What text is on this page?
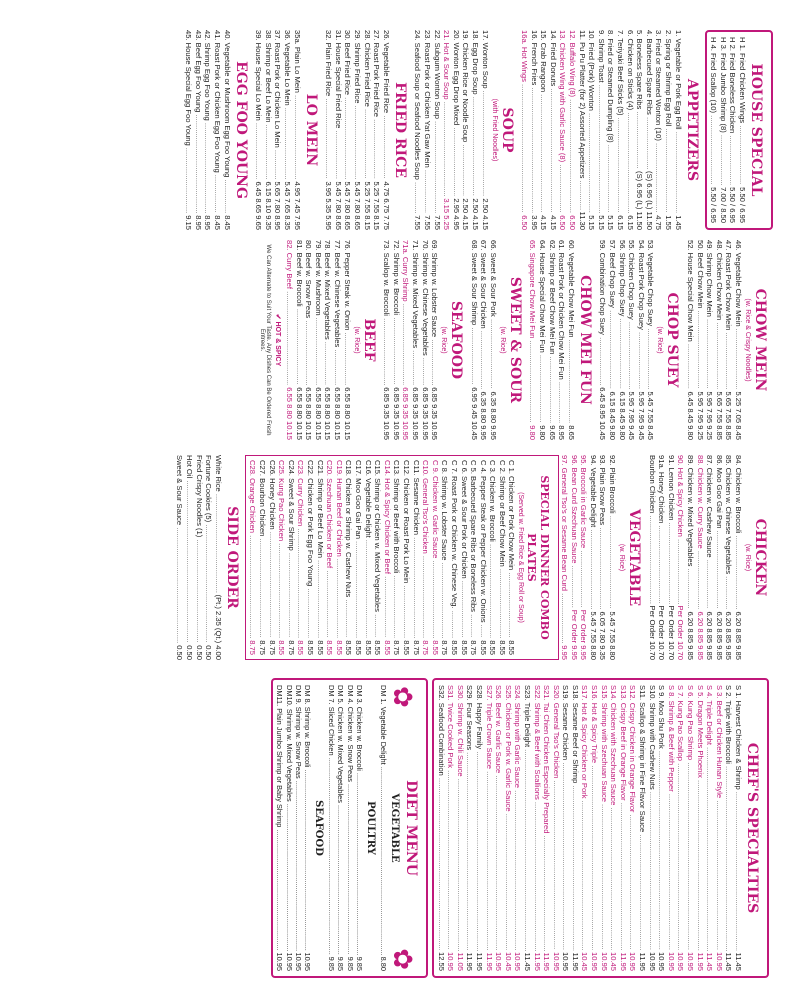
HOUSE SPECIAL
H 1. Fried Chicken Wings .....
5.50 / 6.95
H 2. Fried Boneless Chicken .....
5.50 / 6.95
H 3. Fried Jumbo Shrimp (8) .....
7.00 / 8.50
H 4. Fried Scallop (10) .....
5.50 / 6.95
APPETIZERS
1. Vegetable or Pork Egg Roll .....
1.45
2. Spring or Shrimp Egg Roll .....
1.55
3. Fried or Steamed Wonton (10) .....
4.75
4. Barbecued Spare Ribs .....
(S) 6.95 (L) 11.50
5. Boneless Spare Ribs .....
(S) 6.95 (L) 11.50
6. Chicken on Sticks (4) .....
6.15
7. Teriyaki Beef Sticks (5) .....
6.15
8. Fried or Steamed Dumpling (8) .....
5.15
9. Shrimp Toast .....
5.15
10. Fried (Pork) Wonton .....
5.15
11. Pu Pu Platter (for 2) Assorted Appetizers .....
11.30
12. Buffalo Wing (8) .....
6.50
13. Chicken Wing with Garlic Sauce (8) .....
6.50
14. Fried Donuts .....
4.15
15. Crab Rangoon .....
4.15
16. French Fries .....
3.95
16a. Hot Wings .....
6.50
SOUP
(with Fried Noodles)
17. Wonton Soup .....
2.50 4.15
18. Egg Drop Soup .....
2.50 4.15
19. Chicken Rice or Noodle Soup .....
2.50 4.15
20. Wonton Egg Drop Mixed .....
2.95 4.95
21. Hot & Sour Soup .....
3.15 5.25
22. Subgum Wonton Soup .....
7.55
23. Roast Pork or Chicken Yat Gaw Mein .....
7.55
24. Seafood Soup or Seafood Noodles Soup .....
7.55
FRIED RICE
26. Vegetable Fried Rice .....
4.75 6.75 7.75
27. Roast Pork Fried Rice .....
5.25 7.55 8.15
28. Chicken Fried Rice .....
5.25 7.55 8.15
29. Shrimp Fried Rice .....
5.45 7.80 8.65
30. Beef Fried Rice .....
5.45 7.80 8.65
31. House Special Fried Rice .....
5.45 7.80 8.65
32. Plain Fried Rice .....
3.95 5.35 5.95
LO MEIN
35a. Plain Lo Mein .....
4.95 7.45 7.95
36. Vegetable Lo Mein .....
5.45 7.65 8.35
37. Roast Pork or Chicken Lo Mein .....
5.65 7.80 8.95
38. Shrimp or Beef Lo Mein .....
6.15 8.10 9.35
39. House Special Lo Mein .....
6.45 8.65 9.65
EGG FOO YOUNG
40. Vegetable or Mushroom Egg Foo Young .....
8.45
41. Roast Pork or Chicken Egg Foo Young .....
8.45
42. Shrimp Egg Foo Young .....
8.95
43. Beef Egg Foo Young .....
8.95
45. House Special Egg Foo Young .....
9.15
CHOW MEIN
(w. Rice & Crispy Noodles)
46. Vegetable Chow Mein .....
5.25 7.05 8.45
47. Roast Pork Chow Mein .....
5.65 7.55 8.85
48. Chicken Chow Mein .....
5.65 7.55 8.85
49. Shrimp Chow Mein .....
5.95 7.95 9.25
50. Beef Chow Mein .....
5.95 7.95 9.25
52. House Special Chow Mein .....
6.45 8.45 9.80
CHOP SUEY
(w. Rice)
53. Vegetable Chop Suey .....
5.45 7.55 8.45
54. Roast Pork Chop Suey .....
5.95 7.95 9.45
55. Chicken Chop Suey .....
5.95 7.95 9.45
56. Shrimp Chop Suey .....
6.15 8.45 9.80
57. Beef Chop Suey .....
6.15 8.45 9.80
59. Combination Chop Suey .....
6.45 8.95 10.45
CHOW MEI FUN
60. Vegetable Chow Mei Fun .....
8.65
61. Roast Pork or Chicken Chow Mei Fun .....
8.95
62. Shrimp or Beef Chow Mei Fun .....
9.65
64. House Special Chow Mei Fun .....
9.80
65. Singapore Chow Mei Fun .....
9.80
SWEET & SOUR
(w. Rice)
66. Sweet & Sour Pork .....
6.35 8.80 9.95
67. Sweet & Sour Chicken .....
6.35 8.80 9.95
68. Sweet & Sour Shrimp .....
6.95 9.45 10.45
SEAFOOD
(w. Rice)
69. Shrimp w. Lobster Sauce .....
6.85 9.35 10.95
70. Shrimp w. Chinese Vegetables .....
6.85 9.35 10.95
71. Shrimp w. Mixed Vegetables .....
6.85 9.35 10.95
71a. Curry Shrimp .....
6.85 9.35 10.95
72. Shrimp w. Broccoli .....
6.85 9.35 10.95
73. Scallop w. Broccoli .....
6.85 9.35 10.95
BEEF
(w. Rice)
76. Pepper Steak w. Onion .....
6.55 8.80 10.15
77. Beef w. Chinese Vegetables .....
6.55 8.80 10.15
78. Beef w. Mixed Vegetables .....
6.55 8.80 10.15
79. Beef w. Mushroom .....
6.55 8.80 10.15
80. Beef w. Snow Peas .....
6.55 8.80 10.15
81. Beef w. Broccoli .....
6.55 8.80 10.15
82. Curry Beef .....
6.55 8.80 10.15
✔ HOT & SPICY
We Can Alternate to Suit Your Taste. Any Dishes Can Be Ordered Fresh Entrees.
CHICKEN
(w. Rice)
84. Chicken w. Broccoli .....
6.20 8.85 9.85
85. Chicken w. Chinese Vegetables .....
6.20 8.85 9.85
86. Moo Goo Gai Pan .....
6.20 8.85 9.85
87. Chicken w. Cashew Sauce .....
6.20 8.85 9.85
88. Chicken w. Curry Sauce .....
6.20 8.85 9.85
89. Chicken w. Mixed Vegetables .....
6.20 8.85 9.85
90. Hot & Spicy Chicken .....
Per Order 10.70
91. Lemon Chicken .....
Per Order 10.70
91a. Honey Chicken .....
Per Order 10.70
Bourbon Chicken .....
Per Order 10.70
VEGETABLE
(w. Rice)
92. Plain Broccoli .....
5.45 7.55 8.80
93. Plain Snow Peas .....
6.05 7.80 9.35
94. Vegetable Delight .....
5.45 7.55 8.80
95. Broccoli in Garlic Sauce .....
Per Order 9.95
96. Bean Curd Szechuan Sauce .....
Per Order 9.95
97. General Tso's or Sesame Bean Curd .....
9.95
SPECIAL DINNER COMBO PLATES
(Served w. Fried Rice & Egg Roll or Soup)
C 1. Chicken or Pork Chow Mein .....
8.55
C 2. Shrimp or Beef Chow Mein .....
8.55
C 3. Chicken w. Broccoli .....
8.55
C 4. Pepper Steak or Pepper Chicken w. Onions .....
8.55
C 5. Barbecued Spare Ribs or Boneless Ribs .....
8.75
C 6. Sweet & Sour Pork or Chicken .....
8.55
C 7. Roast Pork or Chicken w. Chinese Veg. .....
8.55
C 8. Shrimp w. Lobster Sauce .....
8.75
C 9. Chicken w. Garlic Sauce .....
8.55
C10. General Tso's Chicken .....
8.75
C11. Sesame Chicken .....
8.75
C12. Chicken or Roast Pork Lo Mein .....
8.55
C13. Shrimp or Beef with Broccoli .....
8.75
C14. Hot & Spicy Chicken or Beef .....
8.55
C15. Shrimp or Chicken w. Mixed Vegetables .....
8.55
C16. Vegetable Delight .....
8.55
C17. Moo Goo Gai Pan .....
8.55
C18. Chicken or Shrimp w. Cashew Nuts .....
8.55
C19. Hunan Beef or Chicken .....
8.55
C20. Szechuan Chicken or Beef .....
8.55
C21. Shrimp or Beef Lo Mein .....
8.55
C22. Chicken or Pork Egg Foo Young .....
8.55
C23. Curry Chicken .....
8.55
C24. Sweet & Sour Shrimp .....
8.75
C25. Kung Pao Chicken .....
8.55
C26. Honey Chicken .....
8.75
C27. Bourbon Chicken .....
8.75
C28. Orange Chicken .....
8.75
SIDE ORDER
White Rice .....
(Pt.) 2.35 (Qt.) 4.00
Fortune Cookies (5) .....
0.50
Fried Crispy Noodles (1) .....
0.50
Hot Oil .....
0.50
Sweet & Sour Sauce .....
0.50
CHEF'S SPECIALTIES
S 1. Harvest Chicken & Shrimp .....
11.45
S 2. Triple with Broccoli .....
11.45
S 3. Beef or Chicken Hunan Style .....
10.95
S 4. Triple Delight .....
11.45
S 5. Dragon Meets Phoenix .....
11.95
S 6. Kung Pao Shrimp .....
10.95
S 7. Kung Pao Scallop .....
10.95
S 8. Shrimp & Beef with Pepper .....
10.95
S 9. Moo Shu Pork .....
10.95
S10. Shrimp with Cashew Nuts .....
10.95
S11. Scallop & Shrimp in Fine Flavor Sauce .....
11.95
S12. Crispy Chicken in Orange Flavor .....
10.95
S13. Crispy Beef in Orange Flavor .....
11.95
S14. Chicken with Szechuan Sauce .....
10.45
S15. Shrimp with Szechuan Sauce .....
10.95
S16. Hot & Spicy Triple .....
10.95
S17. Hot & Spicy Chicken or Pork .....
10.45
S18. Sesame Beef or Shrimp .....
11.95
S19. Sesame Chicken .....
10.95
S20. General Tso's Chicken .....
10.95
S21. Tai Chien Chicken Especially Prepared .....
11.95
S22. Shrimp & Beef with Scallions .....
11.95
S23. Triple Delight .....
11.45
S24. Shrimp with Garlic Sauce .....
10.95
S25. Chicken or Pork w. Garlic Sauce .....
10.45
S26. Beef w. Garlic Sauce .....
10.95
S27. Triple Crown Sauce .....
11.95
S28. Happy Family .....
11.95
S29. Four Seasons .....
11.95
S30. Shrimp w. Chili Sauce .....
11.05
S31. Twice Cooked Pork .....
10.95
S32. Seafood Combination .....
12.55
✿
✿
DIET MENU
VEGETABLE
DM 1. Vegetable Delight .....
8.80
POULTRY
DM 3. Chicken w. Broccoli .....
9.85
DM 4. Chicken w. Snow Peas .....
9.85
DM 5. Chicken w. Mixed Vegetables .....
9.85
DM 7. Sliced Chicken .....
9.85
SEAFOOD
DM 8. Shrimp w. Broccoli .....
10.95
DM 9. Shrimp w. Snow Peas .....
10.95
DM10. Shrimp w. Mixed Vegetables .....
10.95
DM11. Plain Jumbo Shrimp or Baby Shrimp .....
10.95
